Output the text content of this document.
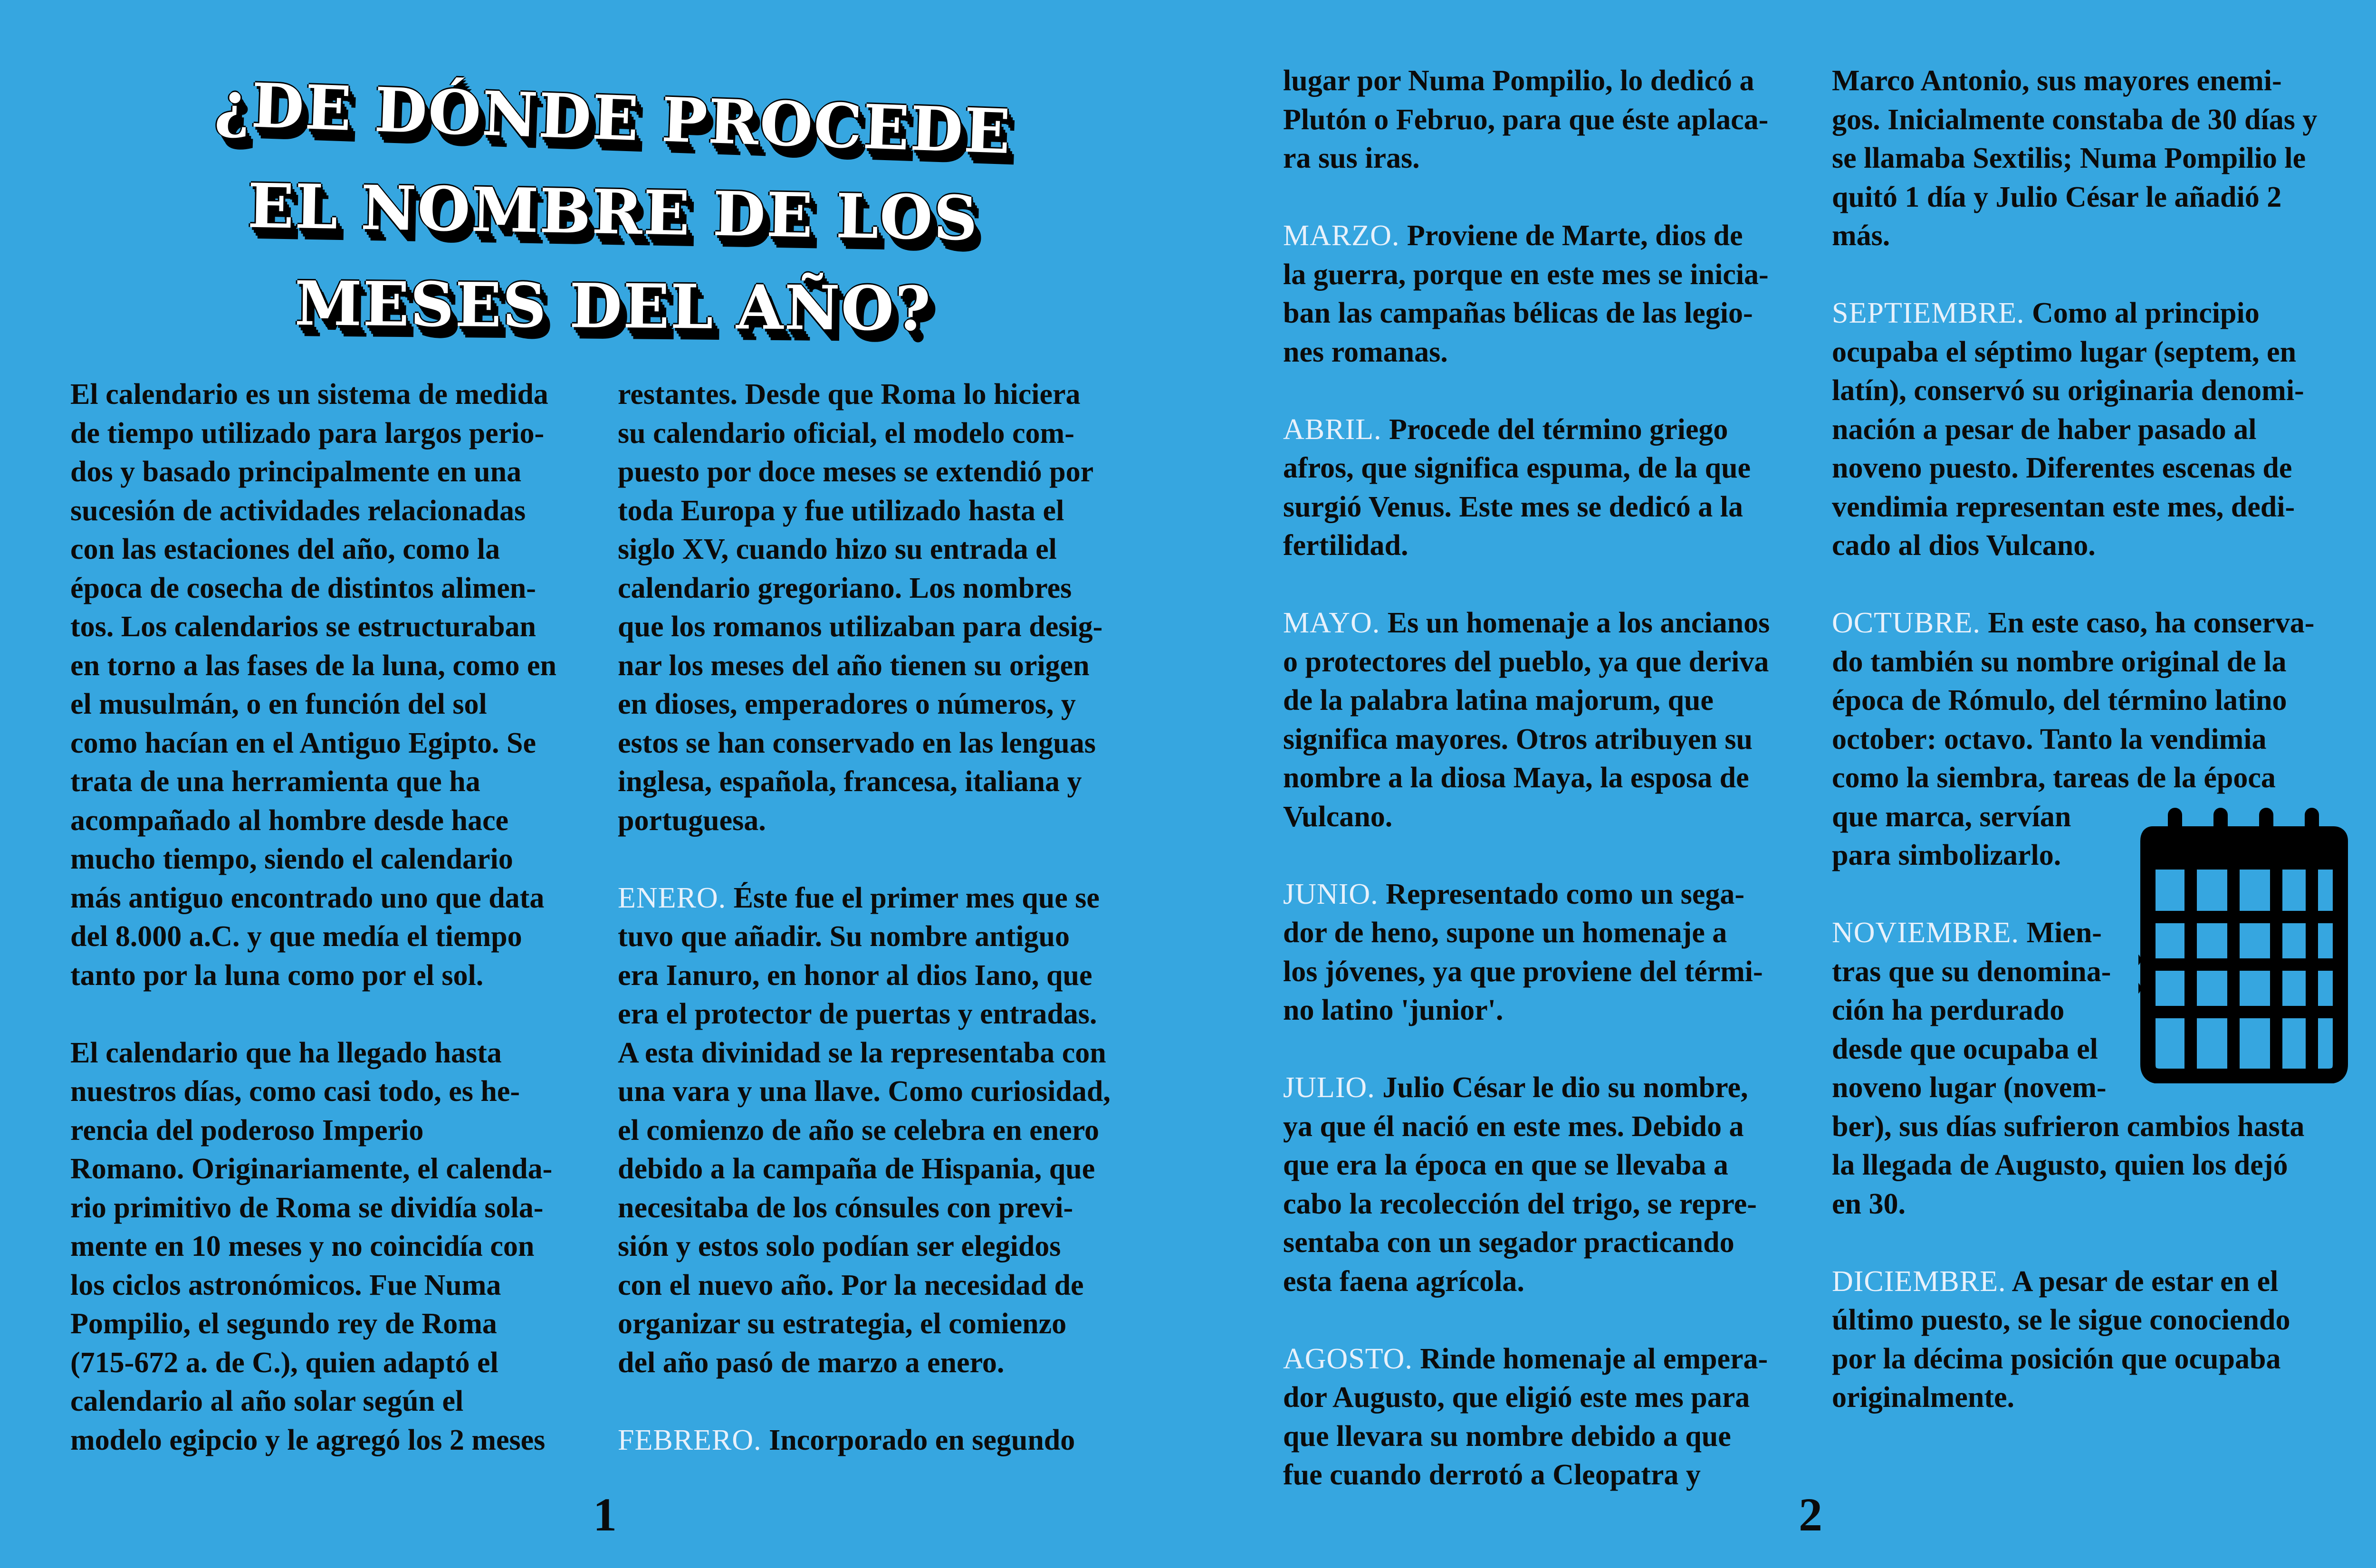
¿DE DÓNDE PROCEDE
EL NOMBRE DE LOS
MESES DEL AÑO?

El calendario es un sistema de medida

de tiempo utilizado para largos perio-

dos y basado principalmente en una

sucesión de actividades relacionadas

con las estaciones del año, como la

época de cosecha de distintos alimen-

tos. Los calendarios se estructuraban

en torno a las fases de la luna, como en

el musulmán, o en función del sol

como hacían en el Antiguo Egipto. Se

trata de una herramienta que ha

acompañado al hombre desde hace

mucho tiempo, siendo el calendario

más antiguo encontrado uno que data

del 8.000 a.C. y que medía el tiempo

tanto por la luna como por el sol.

El calendario que ha llegado hasta

nuestros días, como casi todo, es he-

rencia del poderoso Imperio

Romano. Originariamente, el calenda-

rio primitivo de Roma se dividía sola-

mente en 10 meses y no coincidía con

los ciclos astronómicos. Fue Numa

Pompilio, el segundo rey de Roma

(715-672 a. de C.), quien adaptó el

calendario al año solar según el

modelo egipcio y le agregó los 2 meses

restantes. Desde que Roma lo hiciera

su calendario oficial, el modelo com-

puesto por doce meses se extendió por

toda Europa y fue utilizado hasta el

siglo XV, cuando hizo su entrada el

calendario gregoriano. Los nombres

que los romanos utilizaban para desig-

nar los meses del año tienen su origen

en dioses, emperadores o números, y

estos se han conservado en las lenguas

inglesa, española, francesa, italiana y

portuguesa.

ENERO. Éste fue el primer mes que se

tuvo que añadir. Su nombre antiguo

era Ianuro, en honor al dios Iano, que

era el protector de puertas y entradas.

A esta divinidad se la representaba con

una vara y una llave. Como curiosidad,

el comienzo de año se celebra en enero

debido a la campaña de Hispania, que

necesitaba de los cónsules con previ-

sión y estos solo podían ser elegidos

con el nuevo año. Por la necesidad de

organizar su estrategia, el comienzo

del año pasó de marzo a enero.

FEBRERO. Incorporado en segundo

lugar por Numa Pompilio, lo dedicó a

Plutón o Februo, para que éste aplaca-

ra sus iras.

MARZO. Proviene de Marte, dios de

la guerra, porque en este mes se inicia-

ban las campañas bélicas de las legio-

nes romanas.

ABRIL. Procede del término griego

afros, que significa espuma, de la que

surgió Venus. Este mes se dedicó a la

fertilidad.

MAYO. Es un homenaje a los ancianos

o protectores del pueblo, ya que deriva

de la palabra latina majorum, que

significa mayores. Otros atribuyen su

nombre a la diosa Maya, la esposa de

Vulcano.

JUNIO. Representado como un sega-

dor de heno, supone un homenaje a

los jóvenes, ya que proviene del térmi-

no latino 'junior'.

JULIO. Julio César le dio su nombre,

ya que él nació en este mes. Debido a

que era la época en que se llevaba a

cabo la recolección del trigo, se repre-

sentaba con un segador practicando

esta faena agrícola.

AGOSTO. Rinde homenaje al empera-

dor Augusto, que eligió este mes para

que llevara su nombre debido a que

fue cuando derrotó a Cleopatra y

Marco Antonio, sus mayores enemi-

gos. Inicialmente constaba de 30 días y

se llamaba Sextilis; Numa Pompilio le

quitó 1 día y Julio César le añadió 2

más.

SEPTIEMBRE. Como al principio

ocupaba el séptimo lugar (septem, en

latín), conservó su originaria denomi-

nación a pesar de haber pasado al

noveno puesto. Diferentes escenas de

vendimia representan este mes, dedi-

cado al dios Vulcano.

OCTUBRE. En este caso, ha conserva-

do también su nombre original de la

época de Rómulo, del término latino

october: octavo. Tanto la vendimia

como la siembra, tareas de la época

que marca, servían

para simbolizarlo.

NOVIEMBRE. Mien-

tras que su denomina-

ción ha perdurado

desde que ocupaba el

noveno lugar (novem-

ber), sus días sufrieron cambios hasta

la llegada de Augusto, quien los dejó

en 30.

DICIEMBRE. A pesar de estar en el

último puesto, se le sigue conociendo

por la décima posición que ocupaba

originalmente.

1	2
